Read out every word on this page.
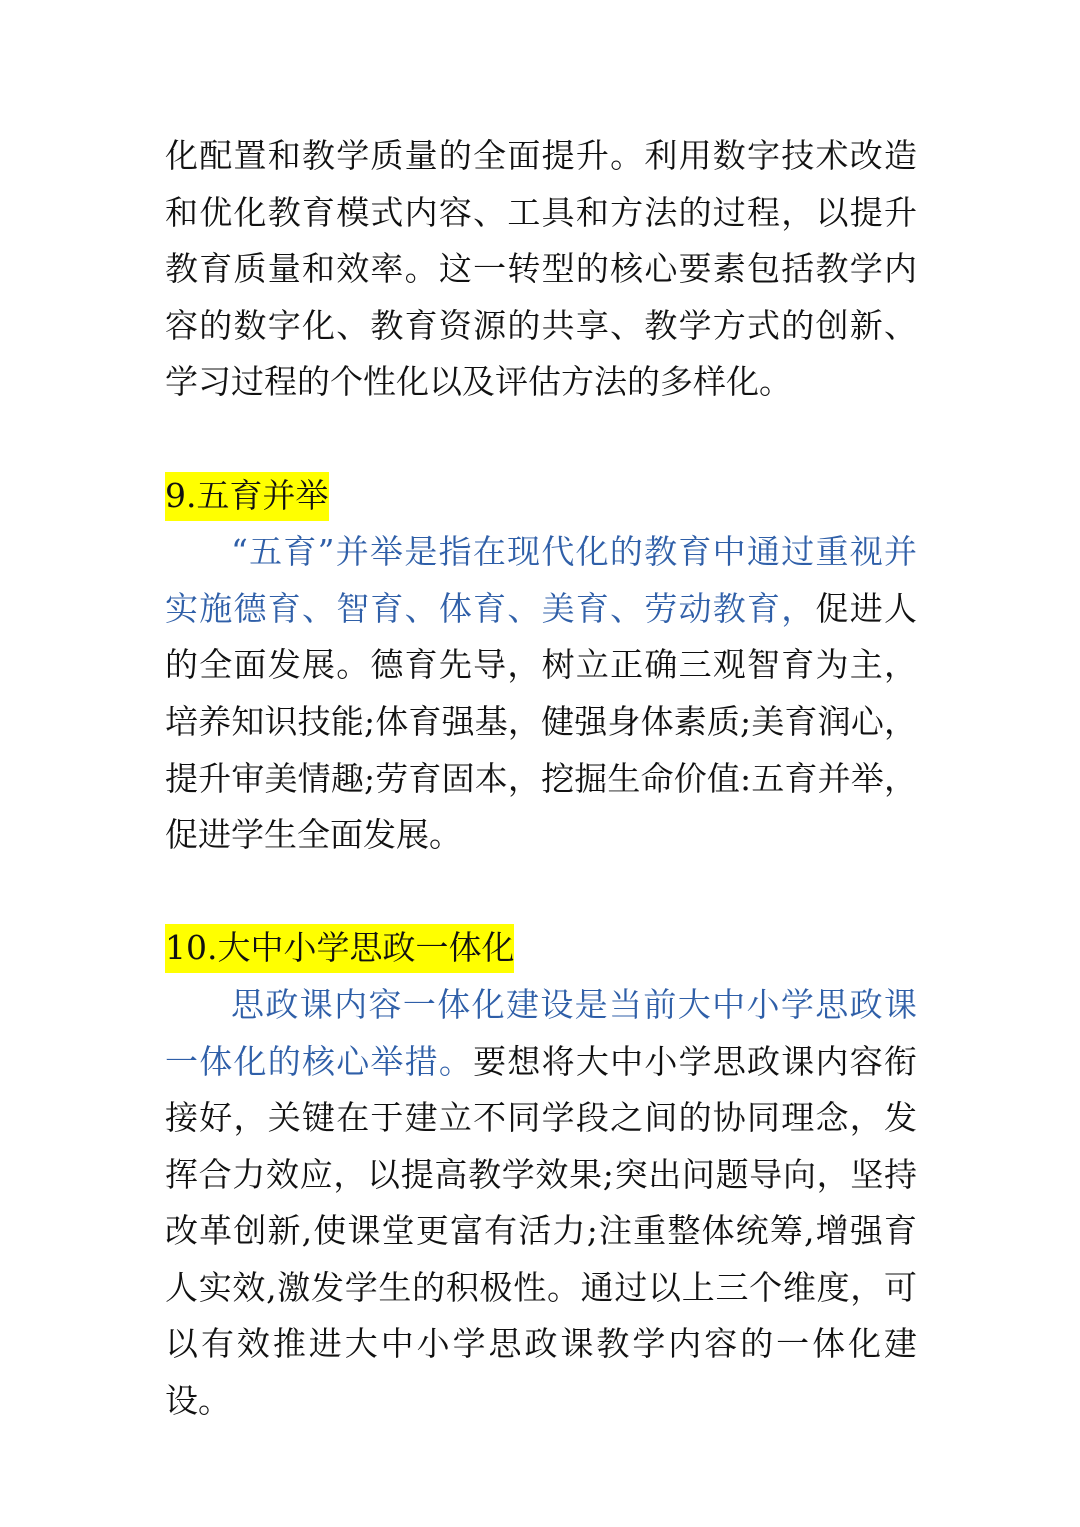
化配置和教学质量的全面提升。利用数字技术改造和优化教育模式内容、工具和方法的过程，以提升教育质量和效率。这一转型的核心要素包括教学内容的数字化、教育资源的共享、教学方式的创新、学习过程的个性化以及评估方法的多样化。

9.五育并举

“五育”并举是指在现代化的教育中通过重视并实施德育、智育、体育、美育、劳动教育，促进人的全面发展。德育先导，树立正确三观智育为主，培养知识技能;体育强基，健强身体素质;美育润心，提升审美情趣;劳育固本，挖掘生命价值:五育并举，促进学生全面发展。

10.大中小学思政一体化

思政课内容一体化建设是当前大中小学思政课一体化的核心举措。要想将大中小学思政课内容衔接好，关键在于建立不同学段之间的协同理念，发挥合力效应，以提高教学效果;突出问题导向，坚持改革创新,使课堂更富有活力;注重整体统筹,增强育人实效,激发学生的积极性。通过以上三个维度，可以有效推进大中小学思政课教学内容的一体化建设。
